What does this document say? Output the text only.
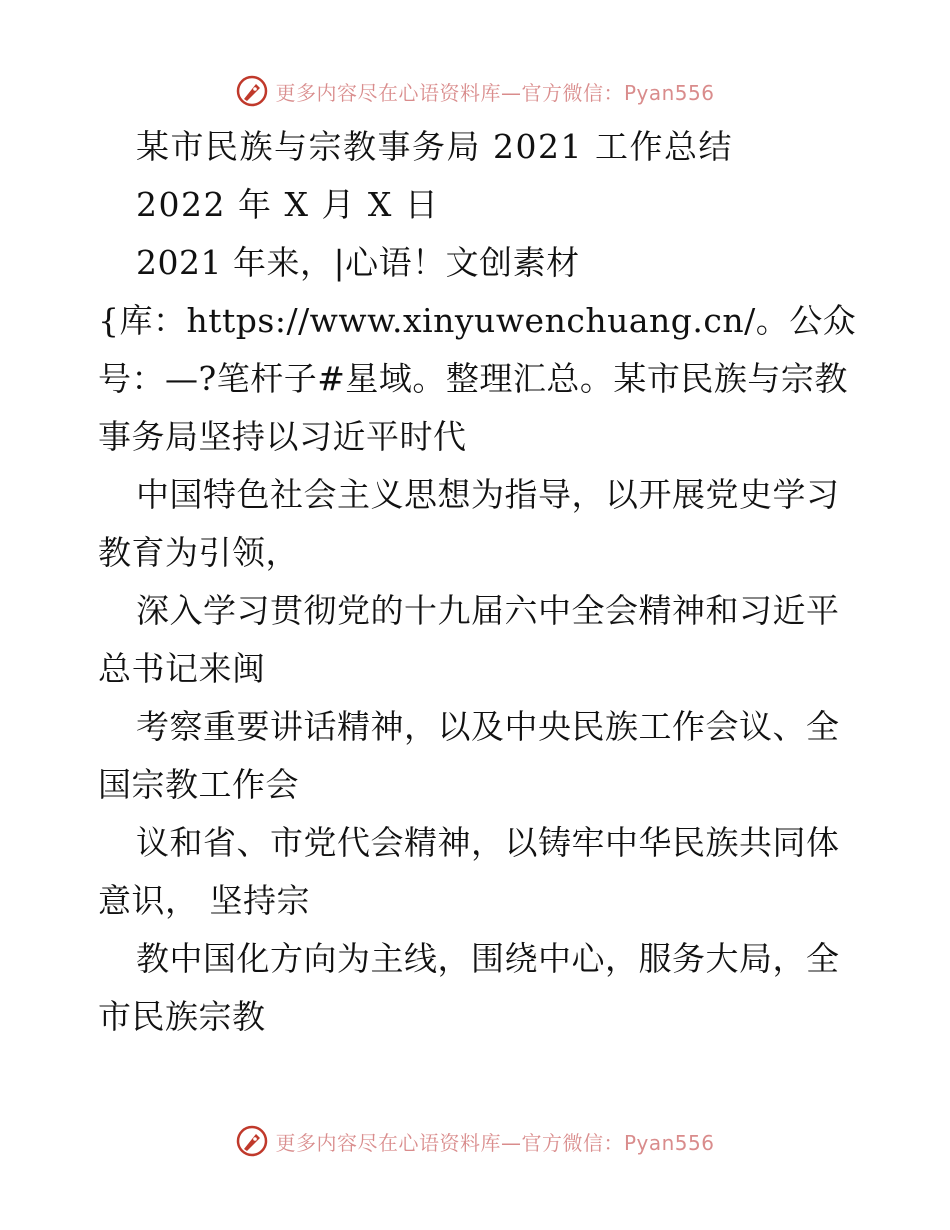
更多内容尽在心语资料库—官方微信：Pyan556
某市民族与宗教事务局 2021 工作总结
2022 年 X 月 X 日
2021 年来，|心语！文创素材
{库：https://www.xinyuwenchuang.cn/。公众
号：—?笔杆子#星域。整理汇总。某市民族与宗教
事务局坚持以习近平时代
中国特色社会主义思想为指导，以开展党史学习
教育为引领，
深入学习贯彻党的十九届六中全会精神和习近平
总书记来闽
考察重要讲话精神，以及中央民族工作会议、全
国宗教工作会
议和省、市党代会精神，以铸牢中华民族共同体
意识， 坚持宗
教中国化方向为主线，围绕中心，服务大局，全
市民族宗教
更多内容尽在心语资料库—官方微信：Pyan556
